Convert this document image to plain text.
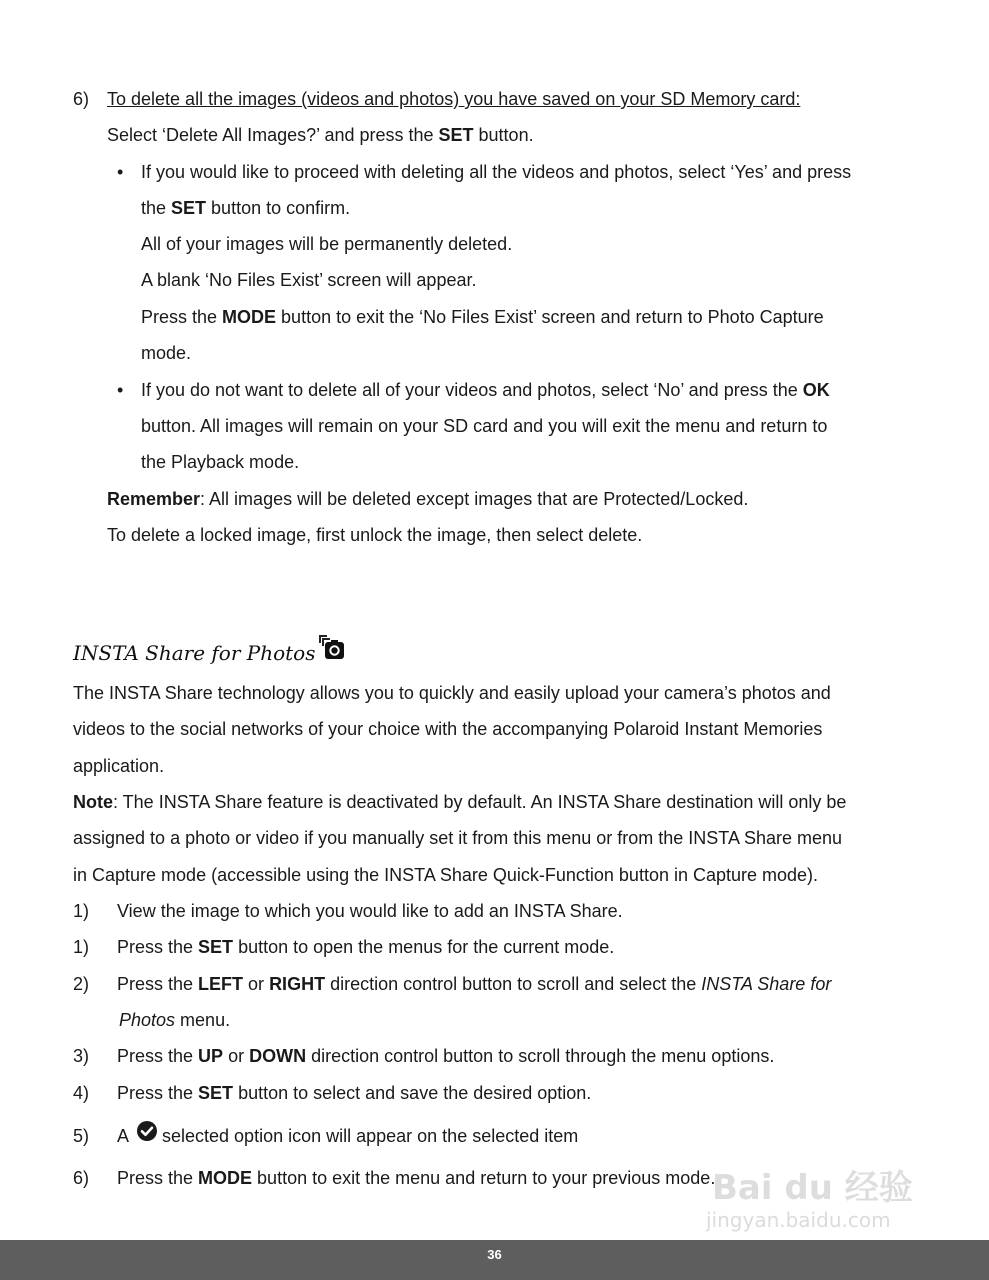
6) To delete all the images (videos and photos) you have saved on your SD Memory card:
Select ‘Delete All Images?’ and press the SET button.
• If you would like to proceed with deleting all the videos and photos, select ‘Yes’ and press
the SET button to confirm.
All of your images will be permanently deleted.
A blank ‘No Files Exist’ screen will appear.
Press the MODE button to exit the ‘No Files Exist’ screen and return to Photo Capture
mode.
• If you do not want to delete all of your videos and photos, select ‘No’ and press the OK
button. All images will remain on your SD card and you will exit the menu and return to
the Playback mode.
Remember: All images will be deleted except images that are Protected/Locked.
To delete a locked image, first unlock the image, then select delete.
INSTA Share for Photos
The INSTA Share technology allows you to quickly and easily upload your camera’s photos and
videos to the social networks of your choice with the accompanying Polaroid Instant Memories
application.
Note: The INSTA Share feature is deactivated by default. An INSTA Share destination will only be
assigned to a photo or video if you manually set it from this menu or from the INSTA Share menu
in Capture mode (accessible using the INSTA Share Quick-Function button in Capture mode).
1) View the image to which you would like to add an INSTA Share.
1) Press the SET button to open the menus for the current mode.
2) Press the LEFT or RIGHT direction control button to scroll and select the INSTA Share for
Photos menu.
3) Press the UP or DOWN direction control button to scroll through the menu options.
4) Press the SET button to select and save the desired option.
5) A selected option icon will appear on the selected item
6) Press the MODE button to exit the menu and return to your previous mode.
Bai du 经验
jingyan.baidu.com
36
